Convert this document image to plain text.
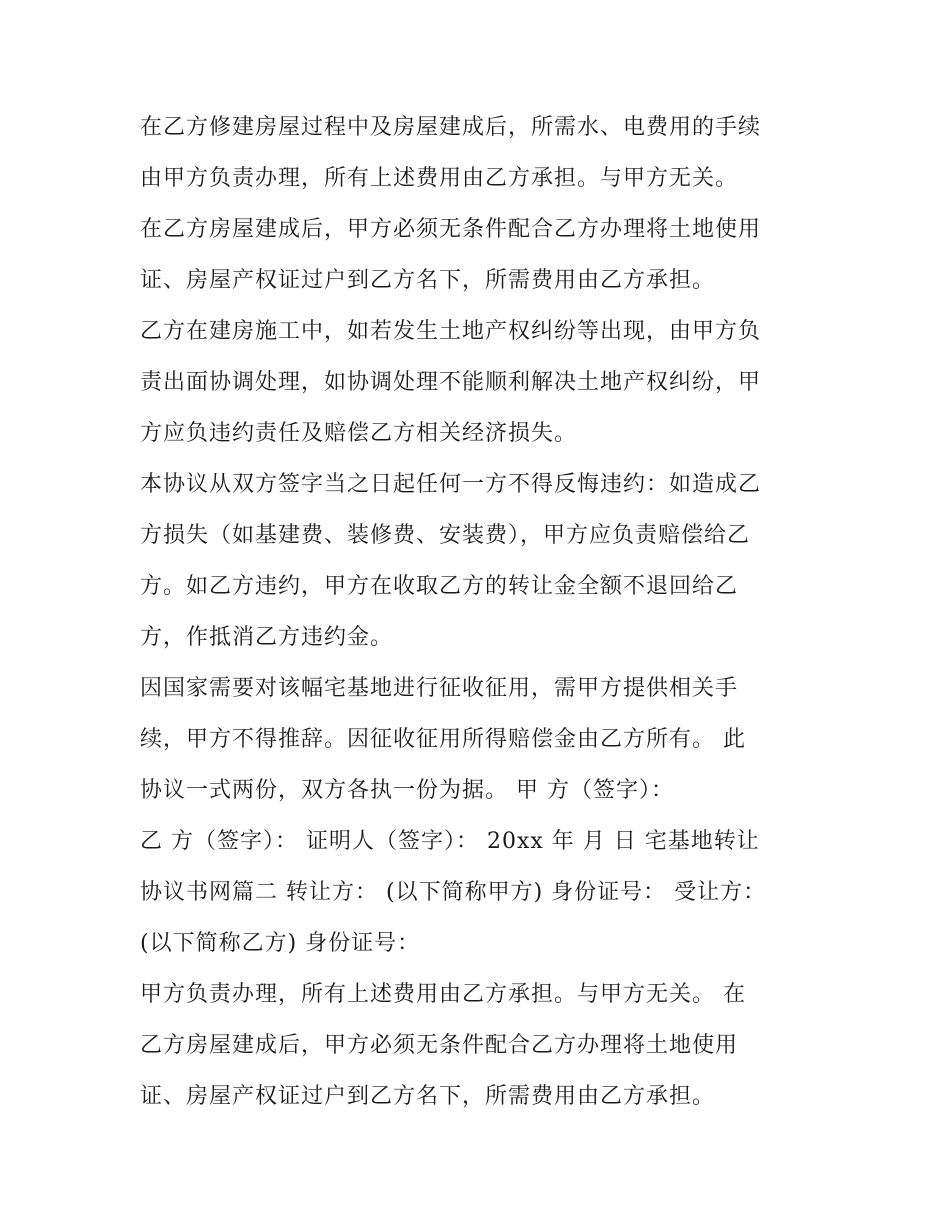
在乙方修建房屋过程中及房屋建成后，所需水、电费用的手续
由甲方负责办理，所有上述费用由乙方承担。与甲方无关。
在乙方房屋建成后，甲方必须无条件配合乙方办理将土地使用
证、房屋产权证过户到乙方名下，所需费用由乙方承担。
乙方在建房施工中，如若发生土地产权纠纷等出现，由甲方负
责出面协调处理，如协调处理不能顺利解决土地产权纠纷，甲
方应负违约责任及赔偿乙方相关经济损失。
本协议从双方签字当之日起任何一方不得反悔违约：如造成乙
方损失（如基建费、装修费、安装费），甲方应负责赔偿给乙
方。如乙方违约，甲方在收取乙方的转让金全额不退回给乙
方，作抵消乙方违约金。
因国家需要对该幅宅基地进行征收征用，需甲方提供相关手
续，甲方不得推辞。因征收征用所得赔偿金由乙方所有。 此
协议一式两份，双方各执一份为据。 甲 方（签字）：
乙 方（签字）： 证明人（签字）： 20xx 年 月 日 宅基地转让
协议书网篇二 转让方： (以下简称甲方) 身份证号： 受让方：
(以下简称乙方) 身份证号：
甲方负责办理，所有上述费用由乙方承担。与甲方无关。 在
乙方房屋建成后，甲方必须无条件配合乙方办理将土地使用
证、房屋产权证过户到乙方名下，所需费用由乙方承担。
